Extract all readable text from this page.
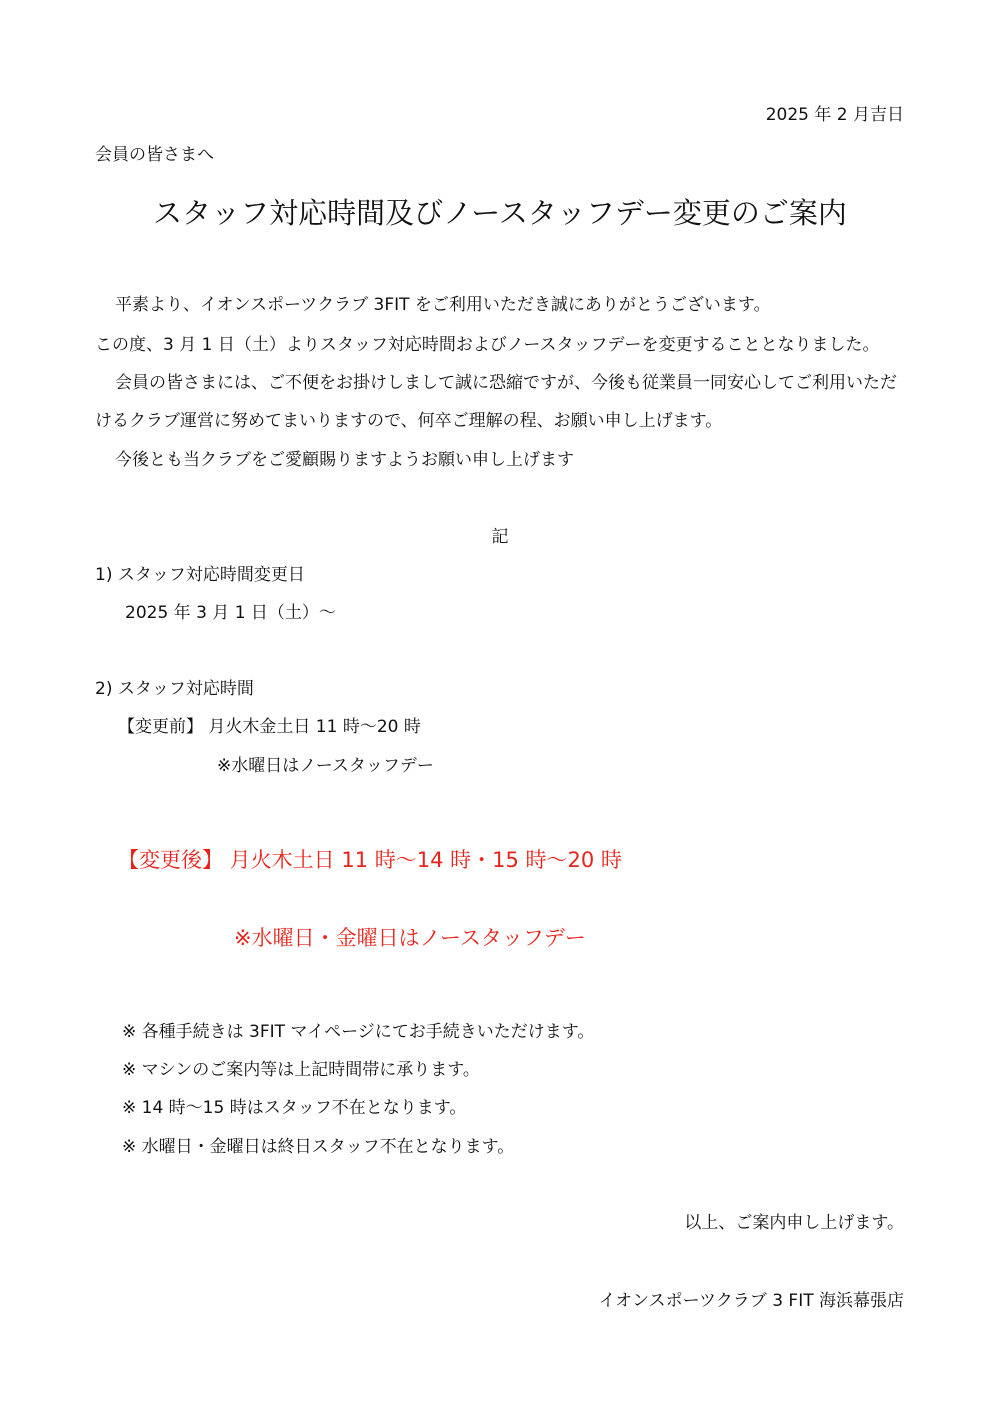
2025 年 2 月吉日
会員の皆さまへ
スタッフ対応時間及びノースタッフデー変更のご案内
平素より、イオンスポーツクラブ 3FIT をご利用いただき誠にありがとうございます。
この度、3 月 1 日（土）よりスタッフ対応時間およびノースタッフデーを変更することとなりました。
会員の皆さまには、ご不便をお掛けしまして誠に恐縮ですが、今後も従業員一同安心してご利用いただ
けるクラブ運営に努めてまいりますので、何卒ご理解の程、お願い申し上げます。
今後とも当クラブをご愛顧賜りますようお願い申し上げます
記
1) スタッフ対応時間変更日
2025 年 3 月 1 日（土）～
2) スタッフ対応時間
【変更前】 月火木金土日 11 時～20 時
※水曜日はノースタッフデー
【変更後】 月火木土日 11 時～14 時・15 時～20 時
※水曜日・金曜日はノースタッフデー
※ 各種手続きは 3FIT マイページにてお手続きいただけます。
※ マシンのご案内等は上記時間帯に承ります。
※ 14 時～15 時はスタッフ不在となります。
※ 水曜日・金曜日は終日スタッフ不在となります。
以上、ご案内申し上げます。
イオンスポーツクラブ 3 FIT 海浜幕張店
